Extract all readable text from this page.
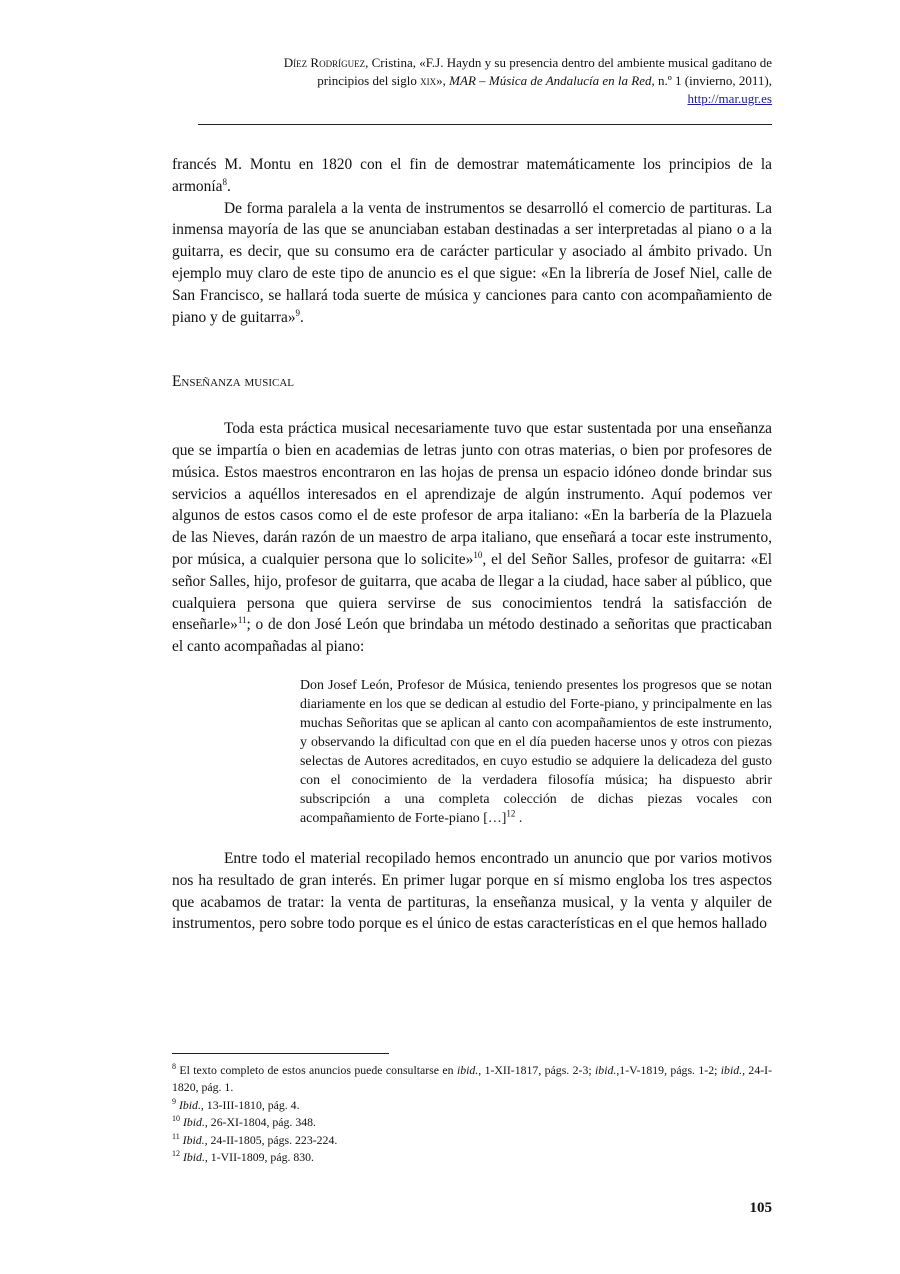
Díez Rodríguez, Cristina, «F.J. Haydn y su presencia dentro del ambiente musical gaditano de
principios del siglo xix», MAR – Música de Andalucía en la Red, n.º 1 (invierno, 2011),
http://mar.ugr.es

francés M. Montu en 1820 con el fin de demostrar matemáticamente los principios de la armonía$^8$.

De forma paralela a la venta de instrumentos se desarrolló el comercio de partituras. La inmensa mayoría de las que se anunciaban estaban destinadas a ser interpretadas al piano o a la guitarra, es decir, que su consumo era de carácter particular y asociado al ámbito privado. Un ejemplo muy claro de este tipo de anuncio es el que sigue: «En la librería de Josef Niel, calle de San Francisco, se hallará toda suerte de música y canciones para canto con acompañamiento de piano y de guitarra»$^9$.

Enseñanza musical

Toda esta práctica musical necesariamente tuvo que estar sustentada por una enseñanza que se impartía o bien en academias de letras junto con otras materias, o bien por profesores de música. Estos maestros encontraron en las hojas de prensa un espacio idóneo donde brindar sus servicios a aquéllos interesados en el aprendizaje de algún instrumento. Aquí podemos ver algunos de estos casos como el de este profesor de arpa italiano: «En la barbería de la Plazuela de las Nieves, darán razón de un maestro de arpa italiano, que enseñará a tocar este instrumento, por música, a cualquier persona que lo solicite»$^{10}$, el del Señor Salles, profesor de guitarra: «El señor Salles, hijo, profesor de guitarra, que acaba de llegar a la ciudad, hace saber al público, que cualquiera persona que quiera servirse de sus conocimientos tendrá la satisfacción de enseñarle»$^{11}$; o de don José León que brindaba un método destinado a señoritas que practicaban el canto acompañadas al piano:

Don Josef León, Profesor de Música, teniendo presentes los progresos que se notan diariamente en los que se dedican al estudio del Forte-piano, y principalmente en las muchas Señoritas que se aplican al canto con acompañamientos de este instrumento, y observando la dificultad con que en el día pueden hacerse unos y otros con piezas selectas de Autores acreditados, en cuyo estudio se adquiere la delicadeza del gusto con el conocimiento de la verdadera filosofía música; ha dispuesto abrir subscripción a una completa colección de dichas piezas vocales con acompañamiento de Forte-piano […]$^{12}$ .

Entre todo el material recopilado hemos encontrado un anuncio que por varios motivos nos ha resultado de gran interés. En primer lugar porque en sí mismo engloba los tres aspectos que acabamos de tratar: la venta de partituras, la enseñanza musical, y la venta y alquiler de instrumentos, pero sobre todo porque es el único de estas características en el que hemos hallado

$^8$ El texto completo de estos anuncios puede consultarse en ibid., 1-XII-1817, págs. 2-3; ibid.,1-V-1819, págs. 1-2; ibid., 24-I-1820, pág. 1.

$^9$ Ibid., 13-III-1810, pág. 4.

$^{10}$ Ibid., 26-XI-1804, pág. 348.

$^{11}$ Ibid., 24-II-1805, págs. 223-224.

$^{12}$ Ibid., 1-VII-1809, pág. 830.

105
